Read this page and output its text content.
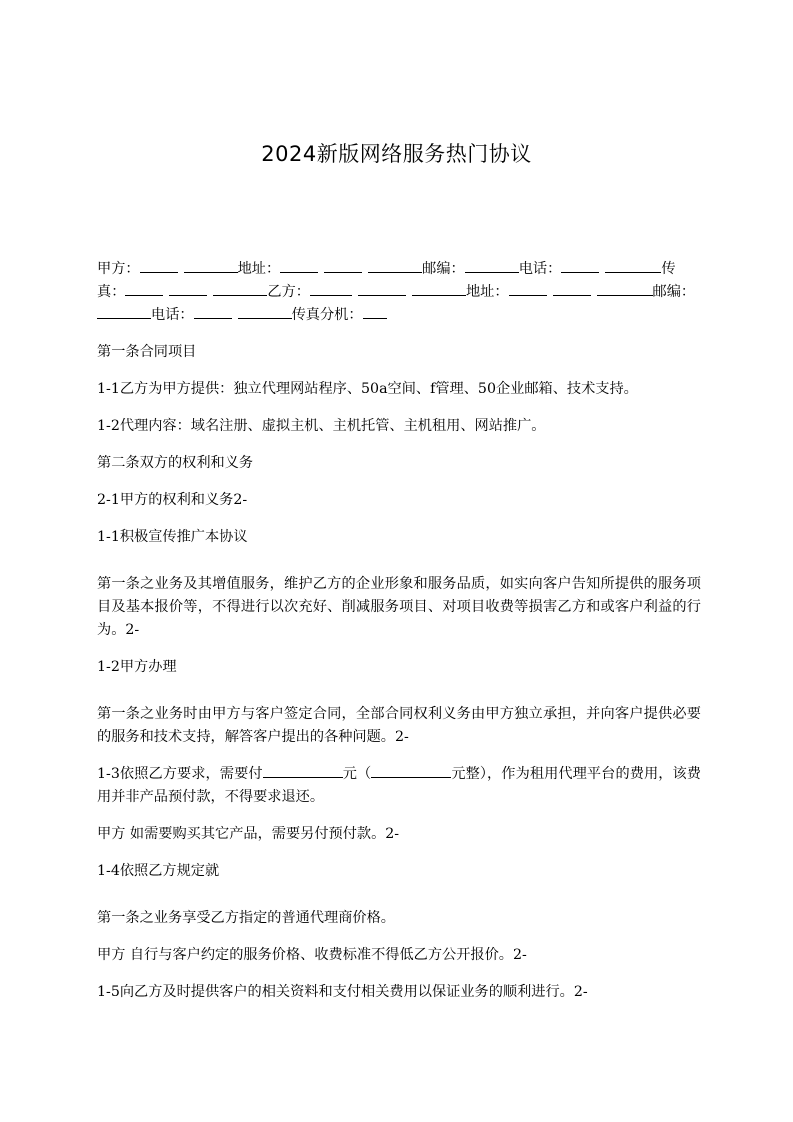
2024新版网络服务热门协议
甲方：	地址：	邮编：	电话：	传真：	乙方：	地址：	邮编：电话：	传真分机：

第一条合同项目

1-1乙方为甲方提供：独立代理网站程序、50a空间、f管理、50企业邮箱、技术支持。

1-2代理内容：域名注册、虚拟主机、主机托管、主机租用、网站推广。

第二条双方的权利和义务

2-1甲方的权利和义务2-

1-1积极宣传推广本协议

第一条之业务及其增值服务，维护乙方的企业形象和服务品质，如实向客户告知所提供的服务项目及基本报价等，不得进行以次充好、削减服务项目、对项目收费等损害乙方和或客户利益的行为。2-

1-2甲方办理

第一条之业务时由甲方与客户签定合同，全部合同权利义务由甲方独立承担，并向客户提供必要的服务和技术支持，解答客户提出的各种问题。2-

1-3依照乙方要求，需要付	元（	元整），作为租用代理平台的费用，该费用并非产品预付款，不得要求退还。

甲方 如需要购买其它产品，需要另付预付款。2-

1-4依照乙方规定就

第一条之业务享受乙方指定的普通代理商价格。

甲方 自行与客户约定的服务价格、收费标准不得低乙方公开报价。2-

1-5向乙方及时提供客户的相关资料和支付相关费用以保证业务的顺利进行。2-
